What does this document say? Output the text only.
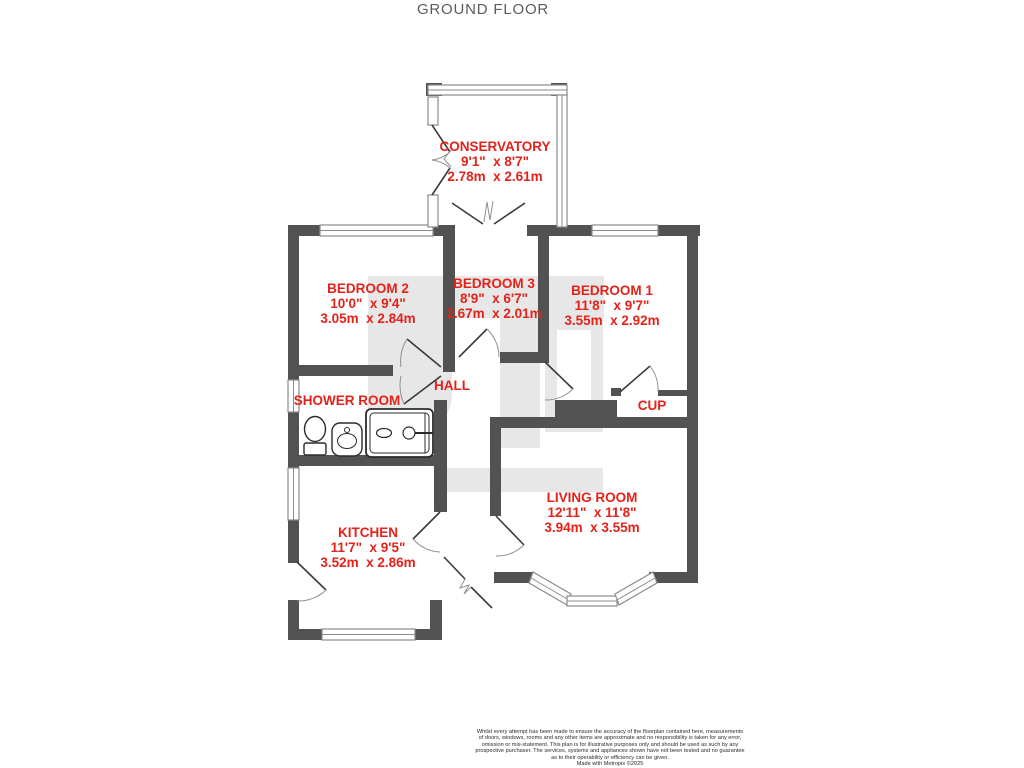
GROUND FLOOR
CONSERVATORY
9'1"  x 8'7"
2.78m  x 2.61m
BEDROOM 2
10'0"  x 9'4"
3.05m  x 2.84m
BEDROOM 3
8'9"  x 6'7"
2.67m  x 2.01m
BEDROOM 1
11'8"  x 9'7"
3.55m  x 2.92m
HALL
SHOWER ROOM	CUP
KITCHEN
11'7"  x 9'5"
3.52m  x 2.86m
LIVING ROOM
12'11"  x 11'8"
3.94m  x 3.55m
Whilst every attempt has been made to ensure the accuracy of the floorplan contained here, measurements
of doors, windows, rooms and any other items are approximate and no responsibility is taken for any error,
omission or mis-statement. This plan is for illustrative purposes only and should be used as such by any
prospective purchaser. The services, systems and appliances shown have not been tested and no guarantee
as to their operability or efficiency can be given.
Made with Metropix ©2025
